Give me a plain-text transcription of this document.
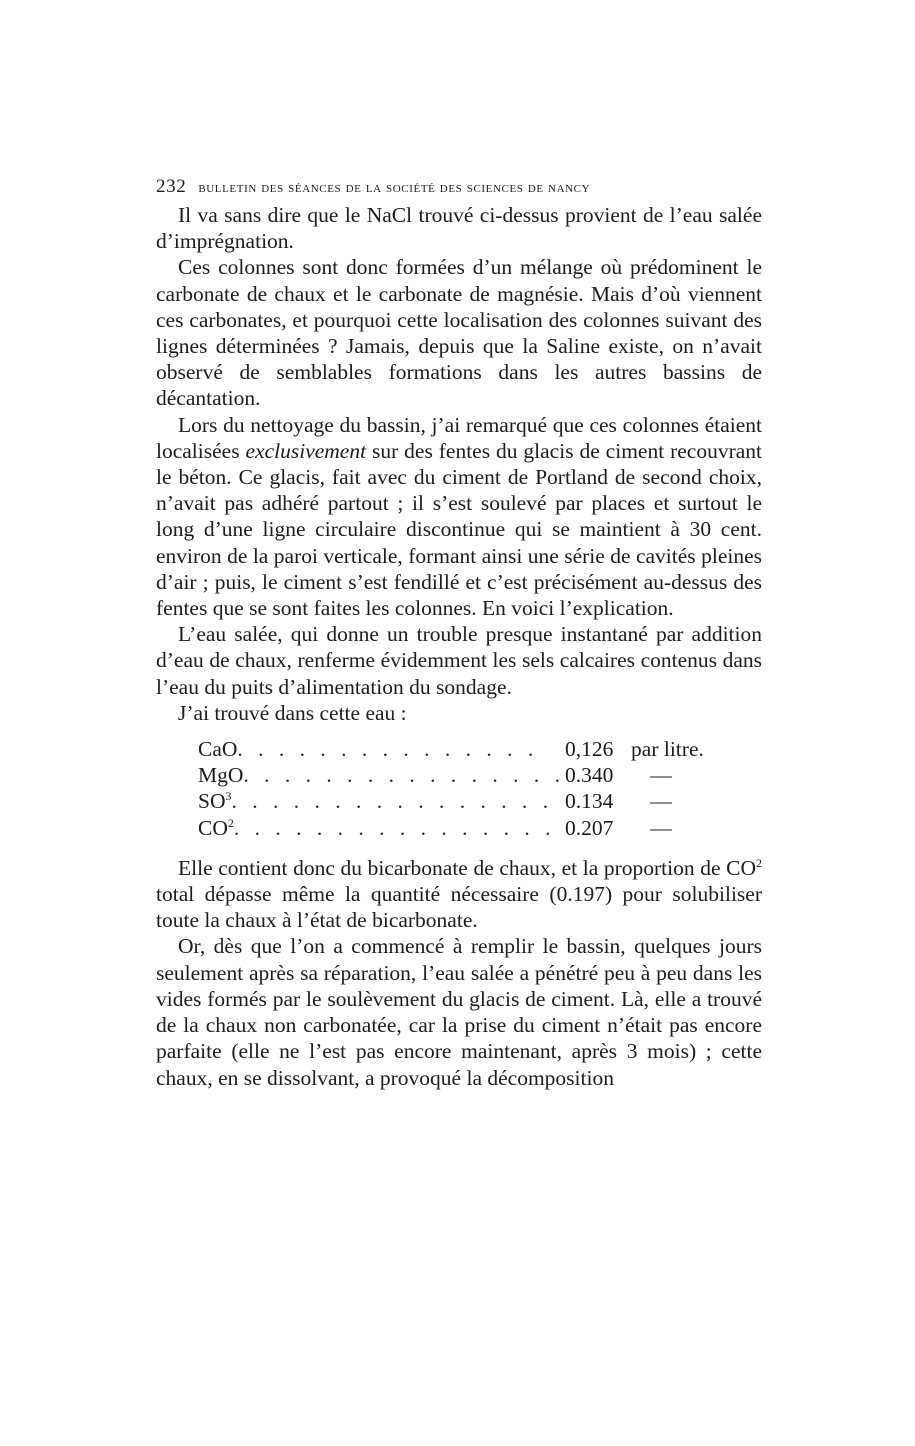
232 bulletin des séances de la société des sciences de nancy

Il va sans dire que le NaCl trouvé ci-dessus provient de l’eau salée d’imprégnation.

Ces colonnes sont donc formées d’un mélange où prédominent le carbonate de chaux et le carbonate de magnésie. Mais d’où viennent ces carbonates, et pourquoi cette localisation des colonnes suivant des lignes déterminées ? Jamais, depuis que la Saline existe, on n’avait observé de semblables formations dans les autres bassins de décantation.

Lors du nettoyage du bassin, j’ai remarqué que ces colonnes étaient localisées exclusivement sur des fentes du glacis de ciment recouvrant le béton. Ce glacis, fait avec du ciment de Portland de second choix, n’avait pas adhéré partout ; il s’est soulevé par places et surtout le long d’une ligne circulaire discontinue qui se maintient à 30 cent. environ de la paroi verticale, formant ainsi une série de cavités pleines d’air ; puis, le ciment s’est fendillé et c’est précisément au-dessus des fentes que se sont faites les colonnes. En voici l’explication.

L’eau salée, qui donne un trouble presque instantané par addition d’eau de chaux, renferme évidemment les sels calcaires contenus dans l’eau du puits d’alimentation du sondage.

J’ai trouvé dans cette eau :

CaO. . . . . . . . . . . . . . .	0,126	par litre.
MgO. . . . . . . . . . . . . . . .	0.340	—
$SO^3$. . . . . . . . . . . . . . . .	0.134	—
$CO^2$. . . . . . . . . . . . . . . .	0.207	—

Elle contient donc du bicarbonate de chaux, et la proportion de $CO^2$ total dépasse même la quantité nécessaire (0.197) pour solubiliser toute la chaux à l’état de bicarbonate.

Or, dès que l’on a commencé à remplir le bassin, quelques jours seulement après sa réparation, l’eau salée a pénétré peu à peu dans les vides formés par le soulèvement du glacis de ciment. Là, elle a trouvé de la chaux non carbonatée, car la prise du ciment n’était pas encore parfaite (elle ne l’est pas encore maintenant, après 3 mois) ; cette chaux, en se dissolvant, a provoqué la décomposition
